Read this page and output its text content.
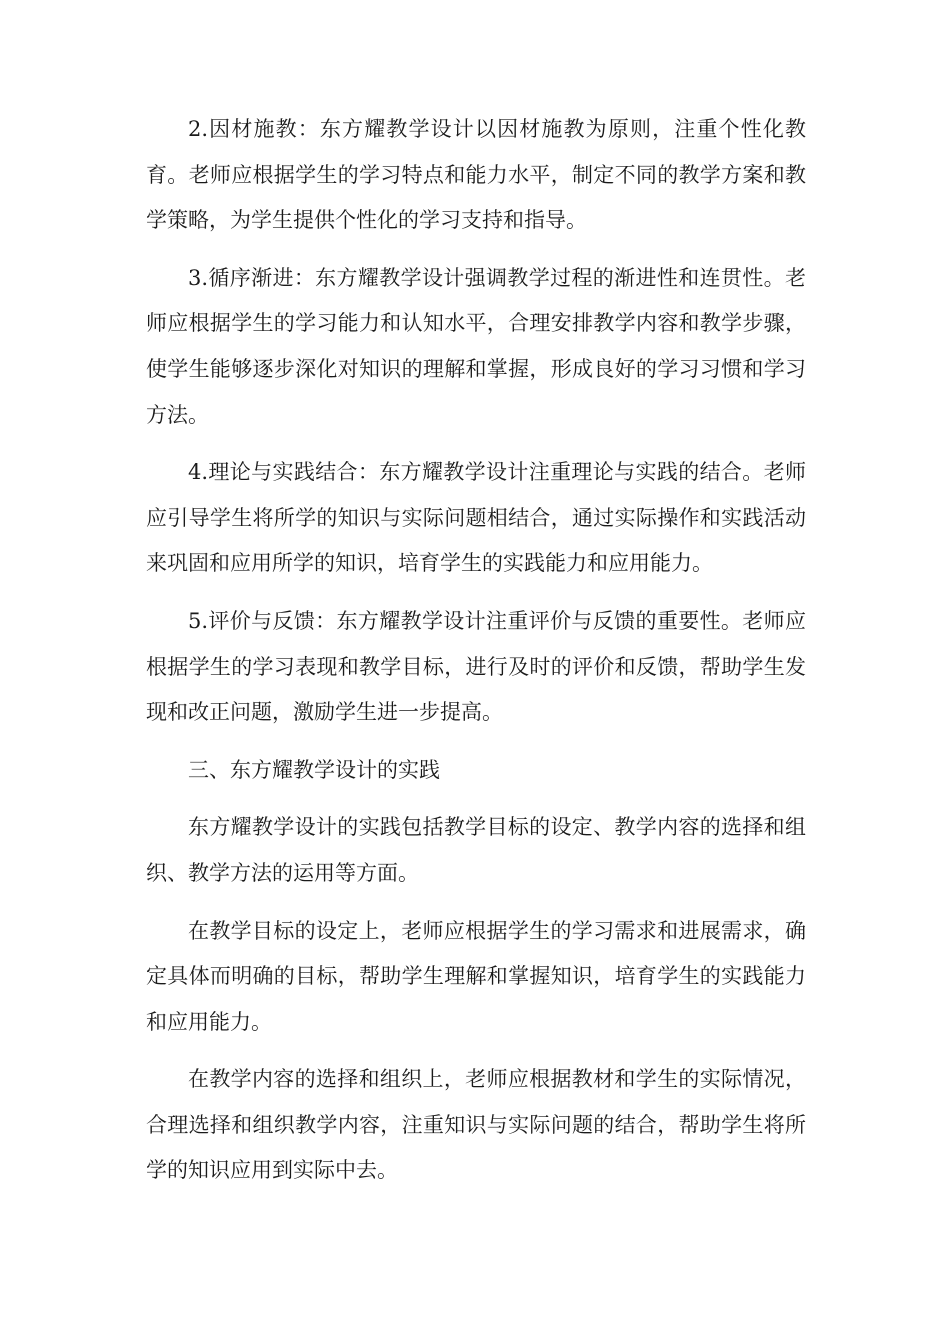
2.因材施教：东方耀教学设计以因材施教为原则，注重个性化教育。老师应根据学生的学习特点和能力水平，制定不同的教学方案和教学策略，为学生提供个性化的学习支持和指导。

3.循序渐进：东方耀教学设计强调教学过程的渐进性和连贯性。老师应根据学生的学习能力和认知水平，合理安排教学内容和教学步骤，使学生能够逐步深化对知识的理解和掌握，形成良好的学习习惯和学习方法。

4.理论与实践结合：东方耀教学设计注重理论与实践的结合。老师应引导学生将所学的知识与实际问题相结合，通过实际操作和实践活动来巩固和应用所学的知识，培育学生的实践能力和应用能力。

5.评价与反馈：东方耀教学设计注重评价与反馈的重要性。老师应根据学生的学习表现和教学目标，进行及时的评价和反馈，帮助学生发现和改正问题，激励学生进一步提高。

三、东方耀教学设计的实践

东方耀教学设计的实践包括教学目标的设定、教学内容的选择和组织、教学方法的运用等方面。

在教学目标的设定上，老师应根据学生的学习需求和进展需求，确定具体而明确的目标，帮助学生理解和掌握知识，培育学生的实践能力和应用能力。

在教学内容的选择和组织上，老师应根据教材和学生的实际情况，合理选择和组织教学内容，注重知识与实际问题的结合，帮助学生将所学的知识应用到实际中去。
